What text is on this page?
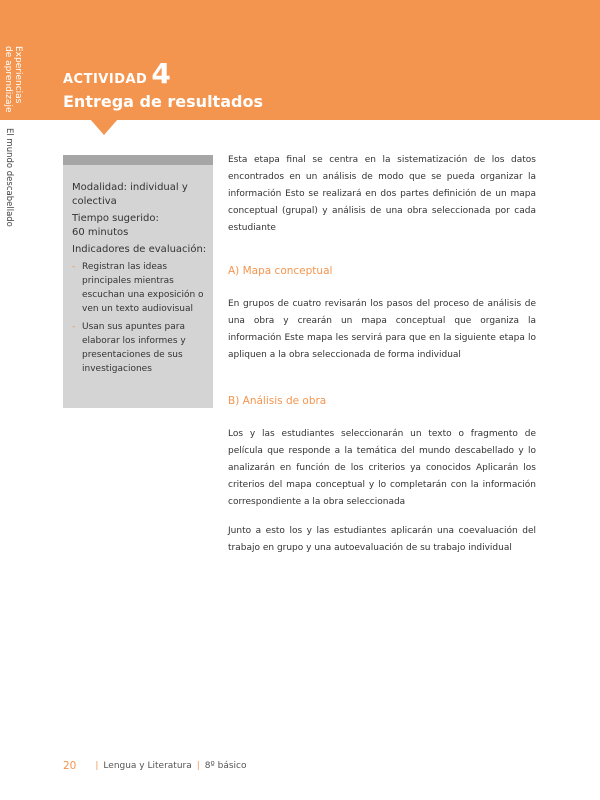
Experiencias
de aprendizaje
El mundo descabellado
ACTIVIDAD 4
Entrega de resultados
Modalidad: individual y colectiva
Tiempo sugerido:
60 minutos
Indicadores de evaluación:
- Registran las ideas principales mientras escuchan una exposición o ven un texto audiovisual
- Usan sus apuntes para elaborar los informes y presentaciones de sus investigaciones

Esta etapa final se centra en la sistematización de los datos encontrados en un análisis de modo que se pueda organizar la información Esto se realizará en dos partes definición de un mapa conceptual (grupal) y análisis de una obra seleccionada por cada estudiante

A) Mapa conceptual

En grupos de cuatro revisarán los pasos del proceso de análisis de una obra y crearán un mapa conceptual que organiza la información Este mapa les servirá para que en la siguiente etapa lo apliquen a la obra seleccionada de forma individual

B) Análisis de obra

Los y las estudiantes seleccionarán un texto o fragmento de película que responde a la temática del mundo descabellado y lo analizarán en función de los criterios ya conocidos Aplicarán los criterios del mapa conceptual y lo completarán con la información correspondiente a la obra seleccionada

Junto a esto los y las estudiantes aplicarán una coevaluación del trabajo en grupo y una autoevaluación de su trabajo individual

20 | Lengua y Literatura | 8º básico
